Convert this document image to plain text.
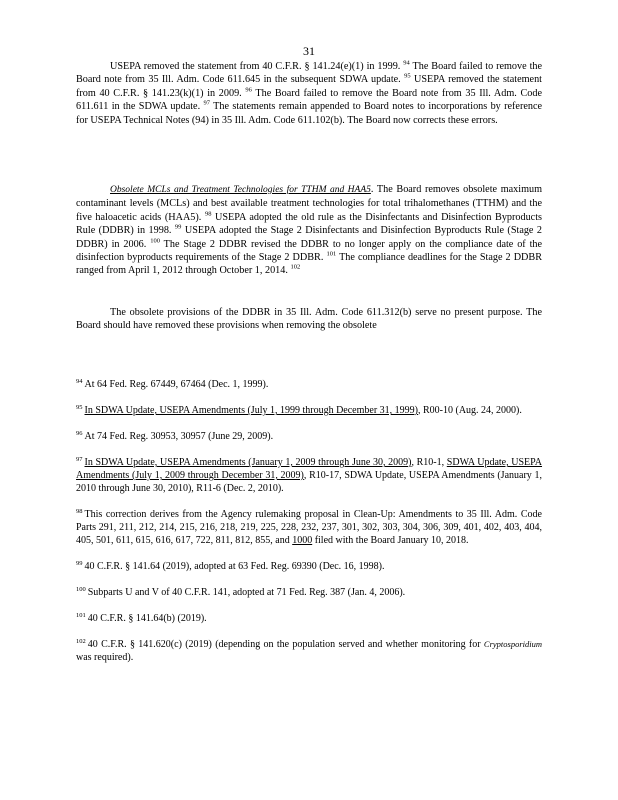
31
USEPA removed the statement from 40 C.F.R. § 141.24(e)(1) in 1999. $^{94}$ The Board failed to remove the Board note from 35 Ill. Adm. Code 611.645 in the subsequent SDWA update. $^{95}$ USEPA removed the statement from 40 C.F.R. § 141.23(k)(1) in 2009. $^{96}$ The Board failed to remove the Board note from 35 Ill. Adm. Code 611.611 in the SDWA update. $^{97}$ The statements remain appended to Board notes to incorporations by reference for USEPA Technical Notes (94) in 35 Ill. Adm. Code 611.102(b). The Board now corrects these errors.
Obsolete MCLs and Treatment Technologies for TTHM and HAA5. The Board removes obsolete maximum contaminant levels (MCLs) and best available treatment technologies for total trihalomethanes (TTHM) and the five haloacetic acids (HAA5). $^{98}$ USEPA adopted the old rule as the Disinfectants and Disinfection Byproducts Rule (DDBR) in 1998. $^{99}$ USEPA adopted the Stage 2 Disinfectants and Disinfection Byproducts Rule (Stage 2 DDBR) in 2006. $^{100}$ The Stage 2 DDBR revised the DDBR to no longer apply on the compliance date of the disinfection byproducts requirements of the Stage 2 DDBR. $^{101}$ The compliance deadlines for the Stage 2 DDBR ranged from April 1, 2012 through October 1, 2014. $^{102}$
The obsolete provisions of the DDBR in 35 Ill. Adm. Code 611.312(b) serve no present purpose. The Board should have removed these provisions when removing the obsolete

$^{94}$ At 64 Fed. Reg. 67449, 67464 (Dec. 1, 1999).

$^{95}$ In SDWA Update, USEPA Amendments (July 1, 1999 through December 31, 1999), R00-10 (Aug. 24, 2000).

$^{96}$ At 74 Fed. Reg. 30953, 30957 (June 29, 2009).

$^{97}$ In SDWA Update, USEPA Amendments (January 1, 2009 through June 30, 2009), R10-1, SDWA Update, USEPA Amendments (July 1, 2009 through December 31, 2009), R10-17, SDWA Update, USEPA Amendments (January 1, 2010 through June 30, 2010), R11-6 (Dec. 2, 2010).

$^{98}$ This correction derives from the Agency rulemaking proposal in Clean-Up: Amendments to 35 Ill. Adm. Code Parts 291, 211, 212, 214, 215, 216, 218, 219, 225, 228, 232, 237, 301, 302, 303, 304, 306, 309, 401, 402, 403, 404, 405, 501, 611, 615, 616, 617, 722, 811, 812, 855, and 1000 filed with the Board January 10, 2018.

$^{99}$ 40 C.F.R. § 141.64 (2019), adopted at 63 Fed. Reg. 69390 (Dec. 16, 1998).

$^{100}$ Subparts U and V of 40 C.F.R. 141, adopted at 71 Fed. Reg. 387 (Jan. 4, 2006).

$^{101}$ 40 C.F.R. § 141.64(b) (2019).

$^{102}$ 40 C.F.R. § 141.620(c) (2019) (depending on the population served and whether monitoring for Cryptosporidium was required).
